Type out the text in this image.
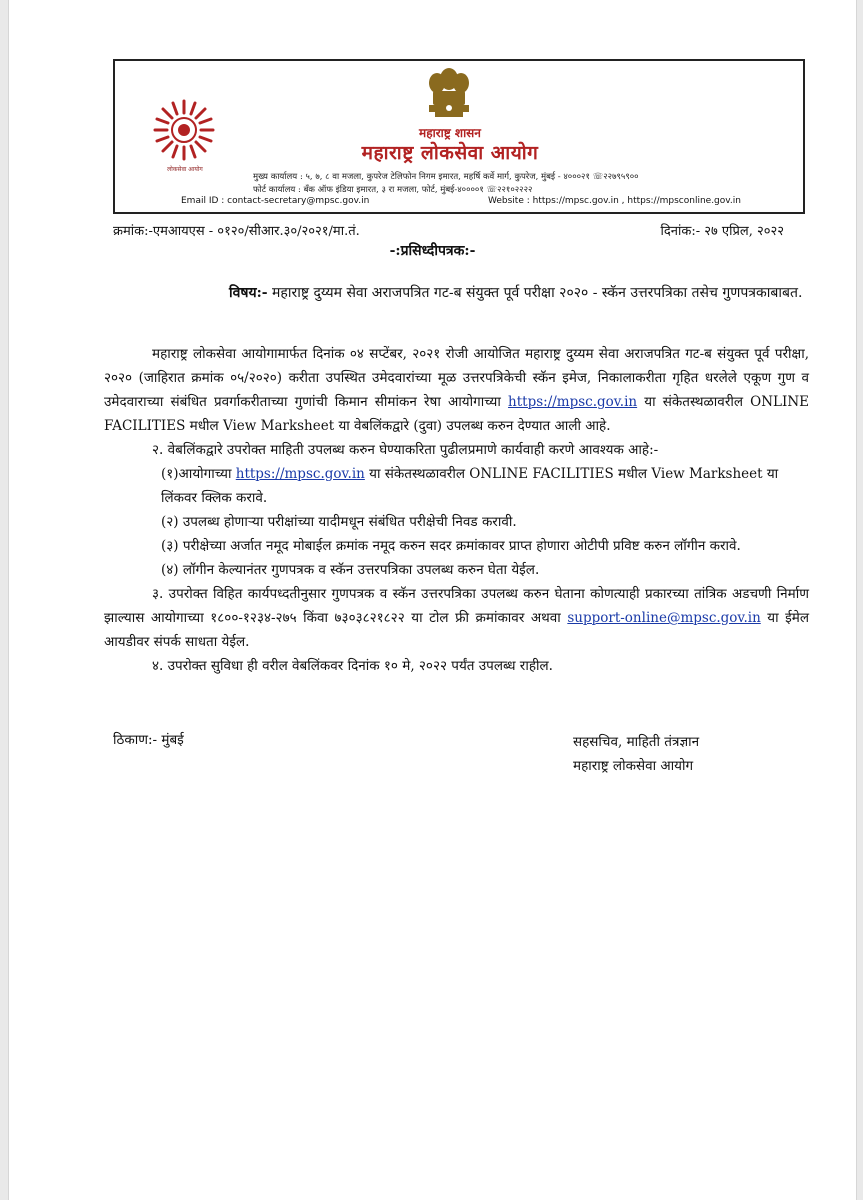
लोकसेवा आयोग
महाराष्ट्र शासन
महाराष्ट्र लोकसेवा आयोग
मुख्य कार्यालय : ५, ७, ८ वा मजला, कुपरेज टेलिफोन निगम इमारत, महर्षि कर्वे मार्ग, कुपरेज, मुंबई - ४०००२१ ☏२२७९५९००
फोर्ट कार्यालय : बँक ऑफ इंडिया इमारत, ३ रा मजला, फोर्ट, मुंबई-४००००१ ☏२२१०२२२२
Email ID : contact-secretary@mpsc.gov.in	Website : https://mpsc.gov.in , https://mpsconline.gov.in
क्रमांक:-एमआयएस - ०१२०/सीआर.३०/२०२१/मा.तं.	दिनांक:- २७ एप्रिल, २०२२
-:प्रसिध्दीपत्रक:-
विषय:- महाराष्ट्र दुय्यम सेवा अराजपत्रित गट-ब संयुक्त पूर्व परीक्षा २०२० - स्कॅन उत्तरपत्रिका तसेच गुणपत्रकाबाबत.
महाराष्ट्र लोकसेवा आयोगामार्फत दिनांक ०४ सप्टेंबर, २०२१ रोजी आयोजित महाराष्ट्र दुय्यम सेवा अराजपत्रित गट-ब संयुक्त पूर्व परीक्षा, २०२० (जाहिरात क्रमांक ०५/२०२०) करीता उपस्थित उमेदवारांच्या मूळ उत्तरपत्रिकेची स्कॅन इमेज, निकालाकरीता गृहित धरलेले एकूण गुण व उमेदवाराच्या संबंधित प्रवर्गाकरीताच्या गुणांची किमान सीमांकन रेषा आयोगाच्या https://mpsc.gov.in या संकेतस्थळावरील ONLINE FACILITIES मधील View Marksheet या वेबलिंकद्वारे (दुवा) उपलब्ध करुन देण्यात आली आहे.
२. वेबलिंकद्वारे उपरोक्त माहिती उपलब्ध करुन घेण्याकरिता पुढीलप्रमाणे कार्यवाही करणे आवश्यक आहे:-
(१)आयोगाच्या https://mpsc.gov.in या संकेतस्थळावरील ONLINE FACILITIES मधील View Marksheet या लिंकवर क्लिक करावे.
(२) उपलब्ध होणाऱ्या परीक्षांच्या यादीमधून संबंधित परीक्षेची निवड करावी.
(३) परीक्षेच्या अर्जात नमूद मोबाईल क्रमांक नमूद करुन सदर क्रमांकावर प्राप्त होणारा ओटीपी प्रविष्ट करुन लॉगीन करावे.
(४) लॉगीन केल्यानंतर गुणपत्रक व स्कॅन उत्तरपत्रिका उपलब्ध करुन घेता येईल.
३. उपरोक्त विहित कार्यपध्दतीनुसार गुणपत्रक व स्कॅन उत्तरपत्रिका उपलब्ध करुन घेताना कोणत्याही प्रकारच्या तांत्रिक अडचणी निर्माण झाल्यास आयोगाच्या १८००-१२३४-२७५ किंवा ७३०३८२१८२२ या टोल फ्री क्रमांकावर अथवा support-online@mpsc.gov.in या ईमेल आयडीवर संपर्क साधता येईल.
४. उपरोक्त सुविधा ही वरील वेबलिंकवर दिनांक १० मे, २०२२ पर्यंत उपलब्ध राहील.
ठिकाण:- मुंबई	सहसचिव, माहिती तंत्रज्ञान
महाराष्ट्र लोकसेवा आयोग
